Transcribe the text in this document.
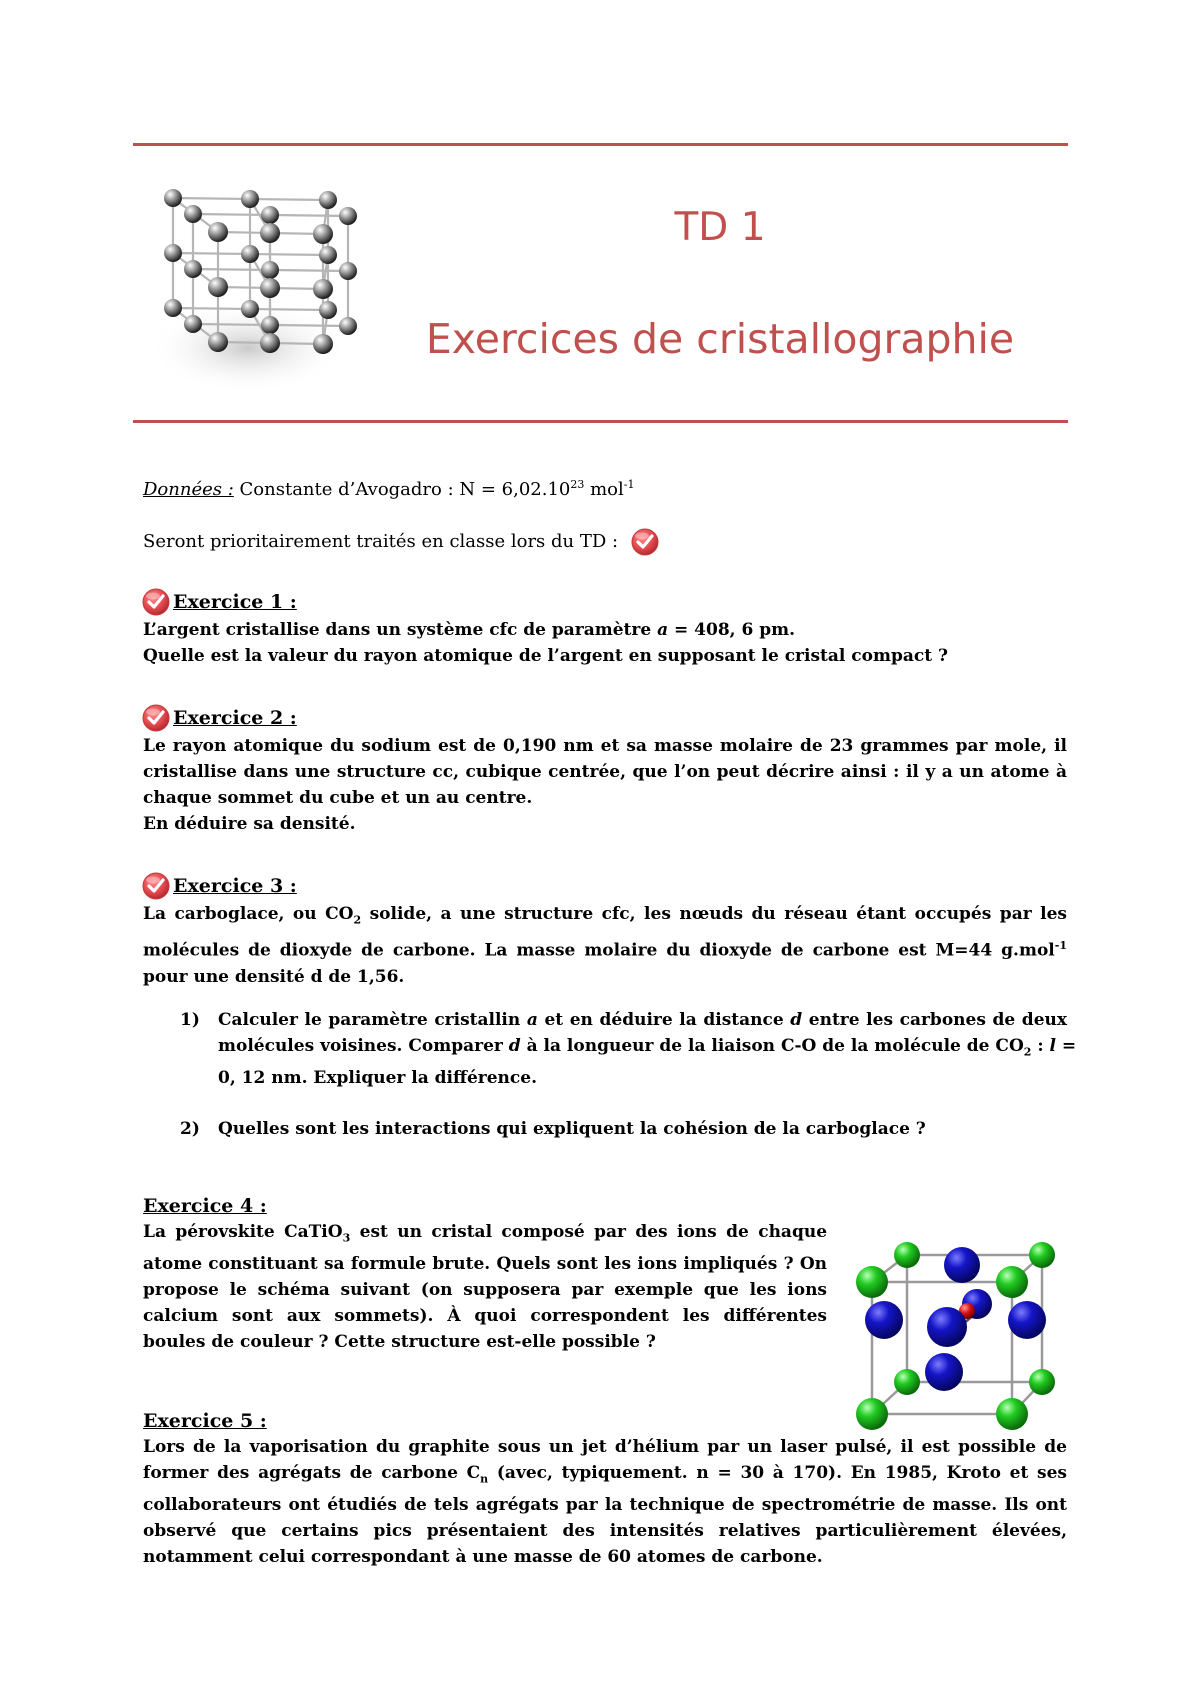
TD 1
Exercices de cristallographie
Données : Constante d’Avogadro : $N = 6,02.10^{23}$ mol$^{-1}$
Seront prioritairement traités en classe lors du TD :
Exercice 1 :
L’argent cristallise dans un système cfc de paramètre a = 408, 6 pm.
Quelle est la valeur du rayon atomique de l’argent en supposant le cristal compact ?
Exercice 2 :
Le rayon atomique du sodium est de 0,190 nm et sa masse molaire de 23 grammes par mole, il
cristallise dans une structure cc, cubique centrée, que l’on peut décrire ainsi : il y a un atome à
chaque sommet du cube et un au centre.
En déduire sa densité.
Exercice 3 :
La carboglace, ou $CO_2$ solide, a une structure cfc, les nœuds du réseau étant occupés par les
molécules de dioxyde de carbone. La masse molaire du dioxyde de carbone est M=44 g.mol$^{-1}$
pour une densité d de 1,56.
1)	Calculer le paramètre cristallin a et en déduire la distance d entre les carbones de deux
molécules voisines. Comparer d à la longueur de la liaison C-O de la molécule de $CO_2$ : l =
0, 12 nm. Expliquer la différence.
2)	Quelles sont les interactions qui expliquent la cohésion de la carboglace ?
Exercice 4 :
La pérovskite CaTiO$_3$ est un cristal composé par des ions de chaque
atome constituant sa formule brute. Quels sont les ions impliqués ? On
propose le schéma suivant (on supposera par exemple que les ions
calcium sont aux sommets). À quoi correspondent les différentes
boules de couleur ? Cette structure est-elle possible ?
Exercice 5 :
Lors de la vaporisation du graphite sous un jet d’hélium par un laser pulsé, il est possible de
former des agrégats de carbone $C_n$ (avec, typiquement. n = 30 à 170). En 1985, Kroto et ses
collaborateurs ont étudiés de tels agrégats par la technique de spectrométrie de masse. Ils ont
observé que certains pics présentaient des intensités relatives particulièrement élevées,
notamment celui correspondant à une masse de 60 atomes de carbone.
